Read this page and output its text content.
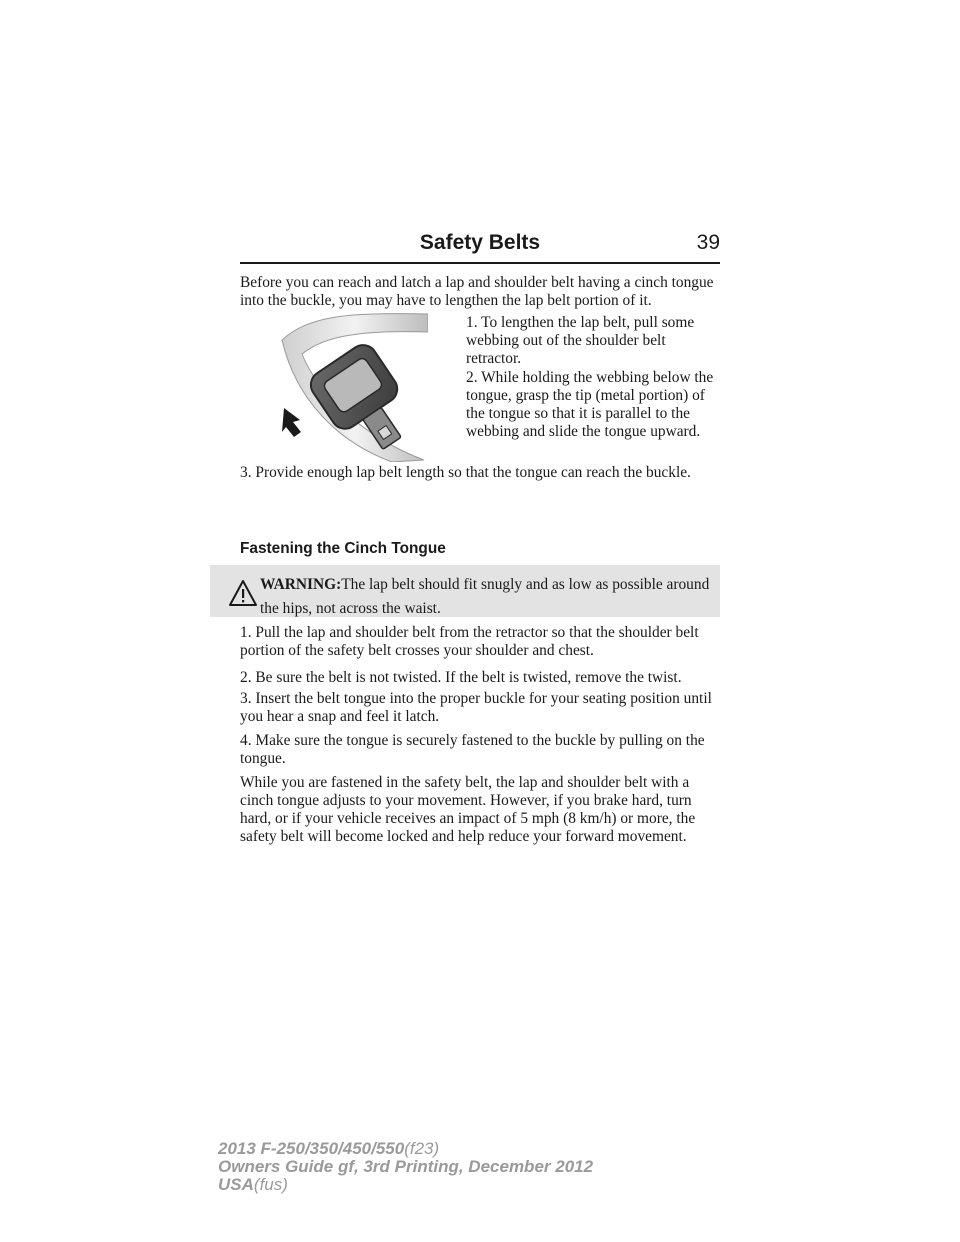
Safety Belts	39

Before you can reach and latch a lap and shoulder belt having a cinch tongue into the buckle, you may have to lengthen the lap belt portion of it.

1. To lengthen the lap belt, pull some webbing out of the shoulder belt retractor.

2. While holding the webbing below the tongue, grasp the tip (metal portion) of the tongue so that it is parallel to the webbing and slide the tongue upward.

3. Provide enough lap belt length so that the tongue can reach the buckle.

Fastening the Cinch Tongue

WARNING:The lap belt should fit snugly and as low as possible around the hips, not across the waist.

1. Pull the lap and shoulder belt from the retractor so that the shoulder belt portion of the safety belt crosses your shoulder and chest.

2. Be sure the belt is not twisted. If the belt is twisted, remove the twist.

3. Insert the belt tongue into the proper buckle for your seating position until you hear a snap and feel it latch.

4. Make sure the tongue is securely fastened to the buckle by pulling on the tongue.

While you are fastened in the safety belt, the lap and shoulder belt with a cinch tongue adjusts to your movement. However, if you brake hard, turn hard, or if your vehicle receives an impact of 5 mph (8 km/h) or more, the safety belt will become locked and help reduce your forward movement.

2013 F-250/350/450/550(f23)
Owners Guide gf, 3rd Printing, December 2012
USA(fus)
